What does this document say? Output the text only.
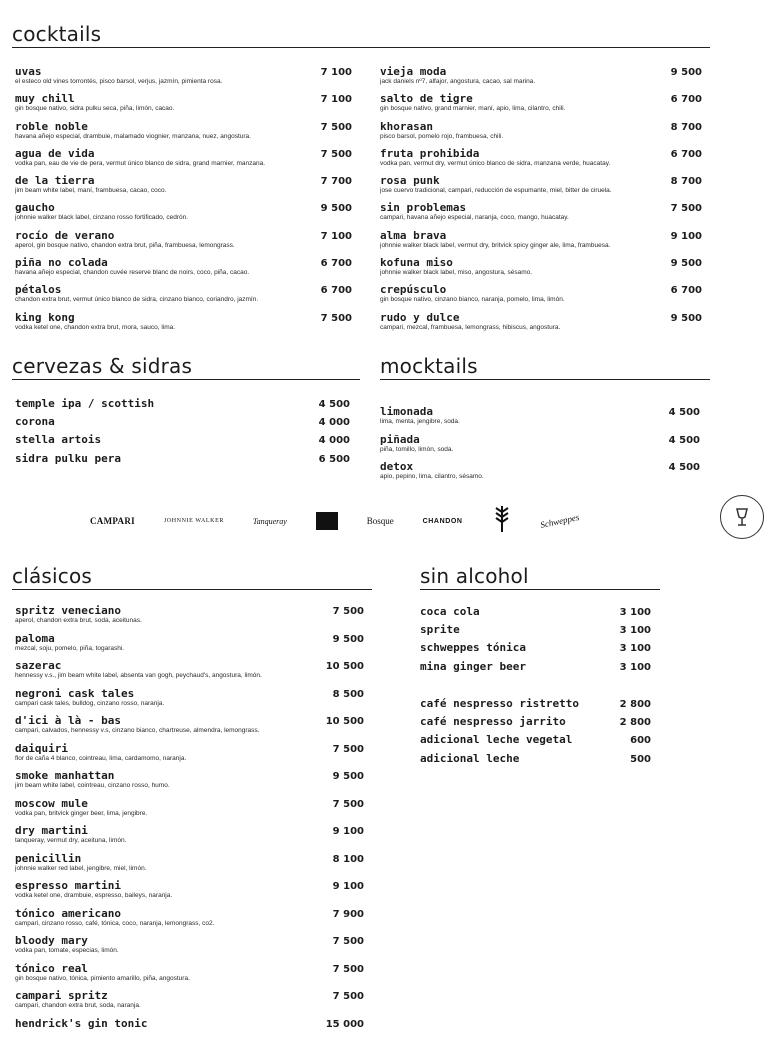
cocktails
uvas
el esteco old vines torrontés, pisco barsol, verjus, jazmín, pimienta rosa.
7 100
muy chill
gin bosque nativo, sidra pulku seca, piña, limón, cacao.
7 100
roble noble
havana añejo especial, drambuie, malamado viognier, manzana, nuez, angostura.
7 500
agua de vida
vodka pan, eau de vie de pera, vermut único blanco de sidra, grand marnier, manzana.
7 500
de la tierra
jim beam white label, maní, frambuesa, cacao, coco.
7 700
gaucho
johnnie walker black label, cinzano rosso fortificado, cedrón.
9 500
rocío de verano
aperol, gin bosque nativo, chandon extra brut, piña, frambuesa, lemongrass.
7 100
piña no colada
havana añejo especial, chandon cuvée reserve blanc de noirs, coco, piña, cacao.
6 700
pétalos
chandon extra brut, vermut único blanco de sidra, cinzano bianco, coriandro, jazmín.
6 700
king kong
vodka ketel one, chandon extra brut, mora, sauco, lima.
7 500
vieja moda
jack daniels nº7, alfajor, angostura, cacao, sal marina.
9 500
salto de tigre
gin bosque nativo, grand marnier, maní, apio, lima, cilantro, chili.
6 700
khorasan
pisco barsol, pomelo rojo, frambuesa, chili.
8 700
fruta prohibida
vodka pan, vermut dry, vermut único blanco de sidra, manzana verde, huacatay.
6 700
rosa punk
jose cuervo tradicional, campari, reducción de espumante, miel, bitter de ciruela.
8 700
sin problemas
campari, havana añejo especial, naranja, coco, mango, huacatay.
7 500
alma brava
johnnie walker black label, vermut dry, britvick spicy ginger ale, lima, frambuesa.
9 100
kofuna miso
johnnie walker black label, miso, angostura, sésamo.
9 500
crepúsculo
gin bosque nativo, cinzano bianco, naranja, pomelo, lima, limón.
6 700
rudo y dulce
campari, mezcal, frambuesa, lemongrass, hibiscus, angostura.
9 500
cervezas & sidras
temple ipa / scottish	4 500
corona	4 000
stella artois	4 000
sidra pulku pera	6 500
mocktails
limonada
lima, menta, jengibre, soda.
4 500
piñada
piña, tomillo, limón, soda.
4 500
detox
apio, pepino, lima, cilantro, sésamo.
4 500
CAMPARI	JOHNNIE WALKER	Tanqueray	Bosque	CHANDON	Schweppes
clásicos
spritz veneciano
aperol, chandon extra brut, soda, aceitunas.
7 500
paloma
mezcal, soju, pomelo, piña, togarashi.
9 500
sazerac
hennessy v.s., jim beam white label, absenta van gogh, peychaud's, angostura, limón.
10 500
negroni cask tales
campari cask tales, bulldog, cinzano rosso, naranja.
8 500
d'ici à là - bas
campari, calvados, hennessy v.s, cinzano bianco, chartreuse, almendra, lemongrass.
10 500
daiquiri
flor de caña 4 blanco, cointreau, lima, cardamomo, naranja.
7 500
smoke manhattan
jim beam white label, cointreau, cinzano rosso, humo.
9 500
moscow mule
vodka pan, britvick ginger beer, lima, jengibre.
7 500
dry martini
tanqueray, vermut dry, aceituna, limón.
9 100
penicillin
johnnie walker red label, jengibre, miel, limón.
8 100
espresso martini
vodka ketel one, drambuie, espresso, baileys, naranja.
9 100
tónico americano
campari, cinzano rosso, café, tónica, coco, naranja, lemongrass, co2.
7 900
bloody mary
vodka pan, tomate, especias, limón.
7 500
tónico real
gin bosque nativo, tónica, pimiento amarillo, piña, angostura.
7 500
campari spritz
campari, chandon extra brut, soda, naranja.
7 500
hendrick's gin tonic	15 000
sin alcohol
coca cola	3 100
sprite	3 100
schweppes tónica	3 100
mina ginger beer	3 100
café nespresso ristretto	2 800
café nespresso jarrito	2 800
adicional leche vegetal	600
adicional leche	500
